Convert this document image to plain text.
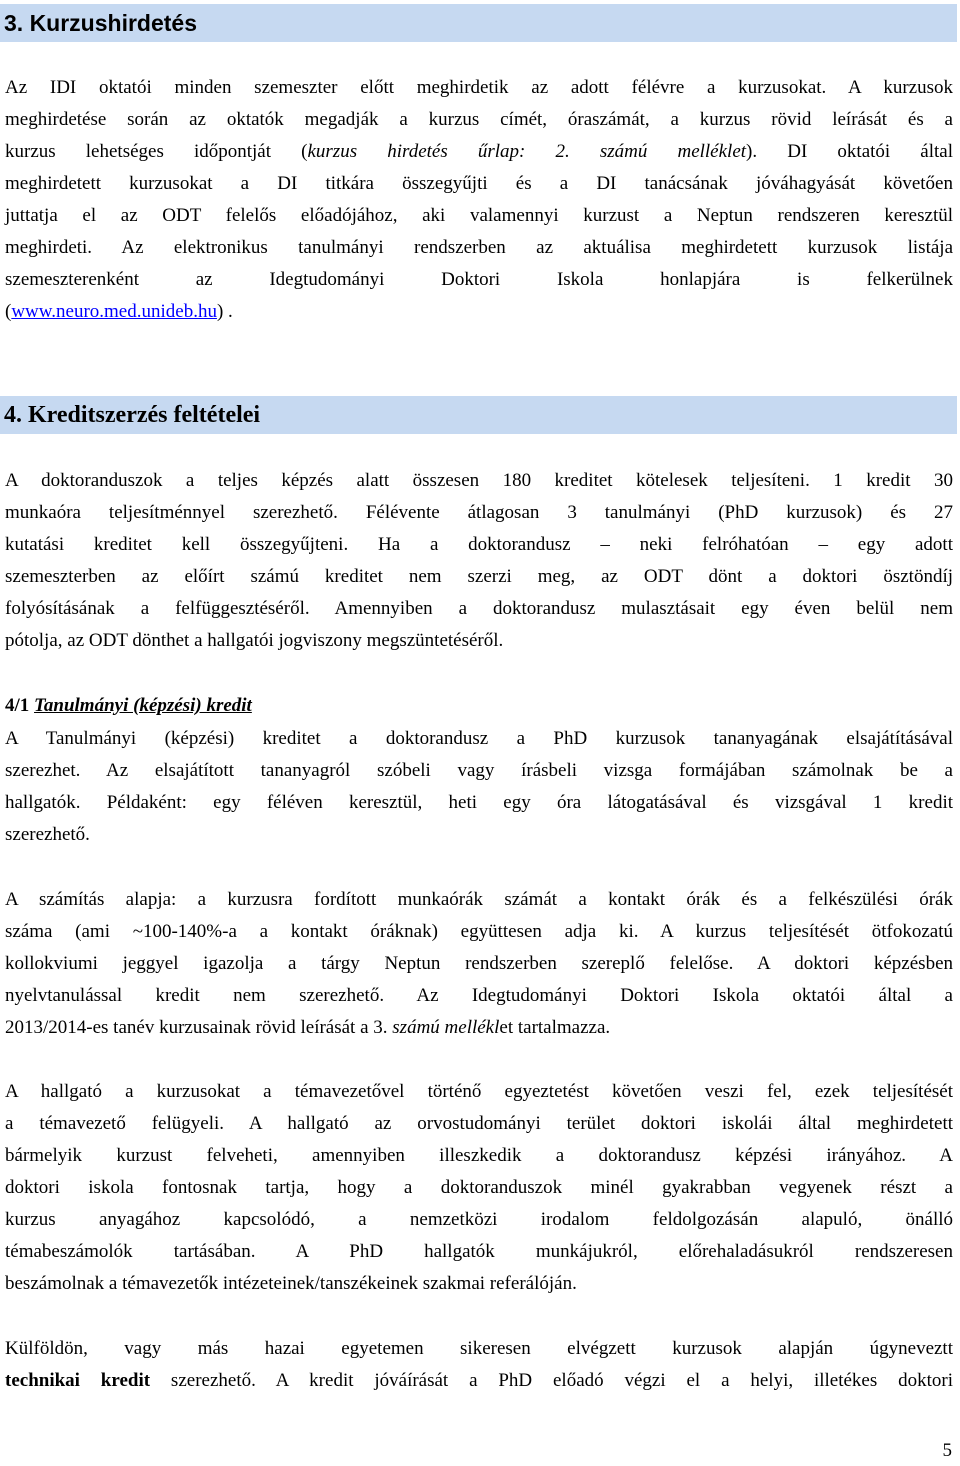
3. Kurzushirdetés
Az IDI oktatói minden szemeszter előtt meghirdetik az adott félévre a kurzusokat. A kurzusok
meghirdetése során az oktatók megadják a kurzus címét, óraszámát, a kurzus rövid leírását és a
kurzus lehetséges időpontját (kurzus hirdetés űrlap: 2. számú melléklet). DI oktatói által
meghirdetett kurzusokat a DI titkára összegyűjti és a DI tanácsának jóváhagyását követően
juttatja el az ODT felelős előadójához, aki valamennyi kurzust a Neptun rendszeren keresztül
meghirdeti. Az elektronikus tanulmányi rendszerben az aktuálisa meghirdetett kurzusok listája
szemeszterenként az Idegtudományi Doktori Iskola honlapjára is felkerülnek
(www.neuro.med.unideb.hu) .
4. Kreditszerzés feltételei
A doktoranduszok a teljes képzés alatt összesen 180 kreditet kötelesek teljesíteni. 1 kredit 30
munkaóra teljesítménnyel szerezhető. Félévente átlagosan 3 tanulmányi (PhD kurzusok) és 27
kutatási kreditet kell összegyűjteni. Ha a doktorandusz – neki felróhatóan – egy adott
szemeszterben az előírt számú kreditet nem szerzi meg, az ODT dönt a doktori ösztöndíj
folyósításának a felfüggesztéséről. Amennyiben a doktorandusz mulasztásait egy éven belül nem
pótolja, az ODT dönthet a hallgatói jogviszony megszüntetéséről.
4/1 Tanulmányi (képzési) kredit
A Tanulmányi (képzési) kreditet a doktorandusz a PhD kurzusok tananyagának elsajátításával
szerezhet. Az elsajátított tananyagról szóbeli vagy írásbeli vizsga formájában számolnak be a
hallgatók. Példaként: egy féléven keresztül, heti egy óra látogatásával és vizsgával 1 kredit
szerezhető.
A számítás alapja: a kurzusra fordított munkaórák számát a kontakt órák és a felkészülési órák
száma (ami ~100-140%-a a kontakt óráknak) együttesen adja ki. A kurzus teljesítését ötfokozatú
kollokviumi jeggyel igazolja a tárgy Neptun rendszerben szereplő felelőse. A doktori képzésben
nyelvtanulással kredit nem szerezhető. Az Idegtudományi Doktori Iskola oktatói által a
2013/2014-es tanév kurzusainak rövid leírását a 3. számú melléklet tartalmazza.
A hallgató a kurzusokat a témavezetővel történő egyeztetést követően veszi fel, ezek teljesítését
a témavezető felügyeli. A hallgató az orvostudományi terület doktori iskolái által meghirdetett
bármelyik kurzust felveheti, amennyiben illeszkedik a doktorandusz képzési irányához. A
doktori iskola fontosnak tartja, hogy a doktoranduszok minél gyakrabban vegyenek részt a
kurzus anyagához kapcsolódó, a nemzetközi irodalom feldolgozásán alapuló, önálló
témabeszámolók tartásában. A PhD hallgatók munkájukról, előrehaladásukról rendszeresen
beszámolnak a témavezetők intézeteinek/tanszékeinek szakmai referálóján.
Külföldön, vagy más hazai egyetemen sikeresen elvégzett kurzusok alapján úgyneveztt
technikai kredit szerezhető. A kredit jóváírását a PhD előadó végzi el a helyi, illetékes doktori
5
